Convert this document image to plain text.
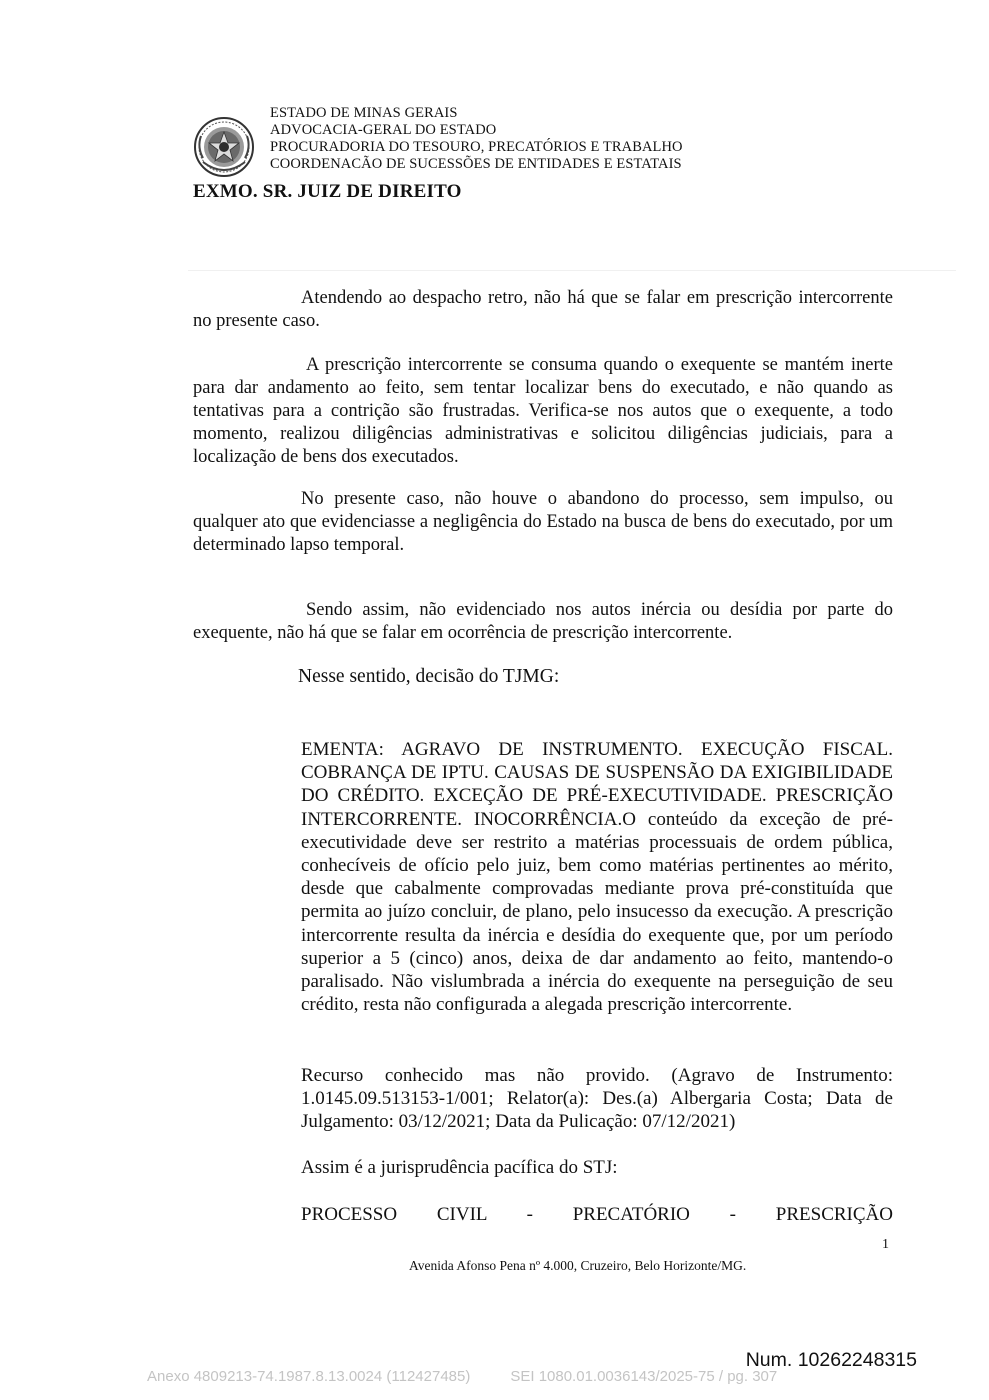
ESTADO DE MINAS GERAIS
ADVOCACIA-GERAL DO ESTADO
PROCURADORIA DO TESOURO, PRECATÓRIOS E TRABALHO
COORDENACÃO DE SUCESSÕES DE ENTIDADES E ESTATAIS
EXMO. SR. JUIZ DE DIREITO
Atendendo ao despacho retro, não há que se falar em prescrição intercorrente no presente caso.
A prescrição intercorrente se consuma quando o exequente se mantém inerte para dar andamento ao feito, sem tentar localizar bens do executado, e não quando as tentativas para a contrição são frustradas. Verifica-se nos autos que o exequente, a todo momento, realizou diligências administrativas e solicitou diligências judiciais, para a localização de bens dos executados.
No presente caso, não houve o abandono do processo, sem impulso, ou qualquer ato que evidenciasse a negligência do Estado na busca de bens do executado, por um determinado lapso temporal.
Sendo assim, não evidenciado nos autos inércia ou desídia por parte do exequente, não há que se falar em ocorrência de prescrição intercorrente.
Nesse sentido, decisão do TJMG:
EMENTA: AGRAVO DE INSTRUMENTO. EXECUÇÃO FISCAL. COBRANÇA DE IPTU. CAUSAS DE SUSPENSÃO DA EXIGIBILIDADE DO CRÉDITO. EXCEÇÃO DE PRÉ-EXECUTIVIDADE. PRESCRIÇÃO INTERCORRENTE. INOCORRÊNCIA.O conteúdo da exceção de pré-executividade deve ser restrito a matérias processuais de ordem pública, conhecíveis de ofício pelo juiz, bem como matérias pertinentes ao mérito, desde que cabalmente comprovadas mediante prova pré-constituída que permita ao juízo concluir, de plano, pelo insucesso da execução. A prescrição intercorrente resulta da inércia e desídia do exequente que, por um período superior a 5 (cinco) anos, deixa de dar andamento ao feito, mantendo-o paralisado. Não vislumbrada a inércia do exequente na perseguição de seu crédito, resta não configurada a alegada prescrição intercorrente.
Recurso conhecido mas não provido. (Agravo de Instrumento: 1.0145.09.513153-1/001; Relator(a): Des.(a) Albergaria Costa; Data de Julgamento: 03/12/2021; Data da Pulicação: 07/12/2021)
Assim é a jurisprudência pacífica do STJ:
PROCESSO CIVIL - PRECATÓRIO - PRESCRIÇÃO
1
Avenida Afonso Pena nº 4.000, Cruzeiro, Belo Horizonte/MG.
Num. 10262248315
Anexo 4809213-74.1987.8.13.0024 (112427485)	SEI 1080.01.0036143/2025-75 / pg. 307
